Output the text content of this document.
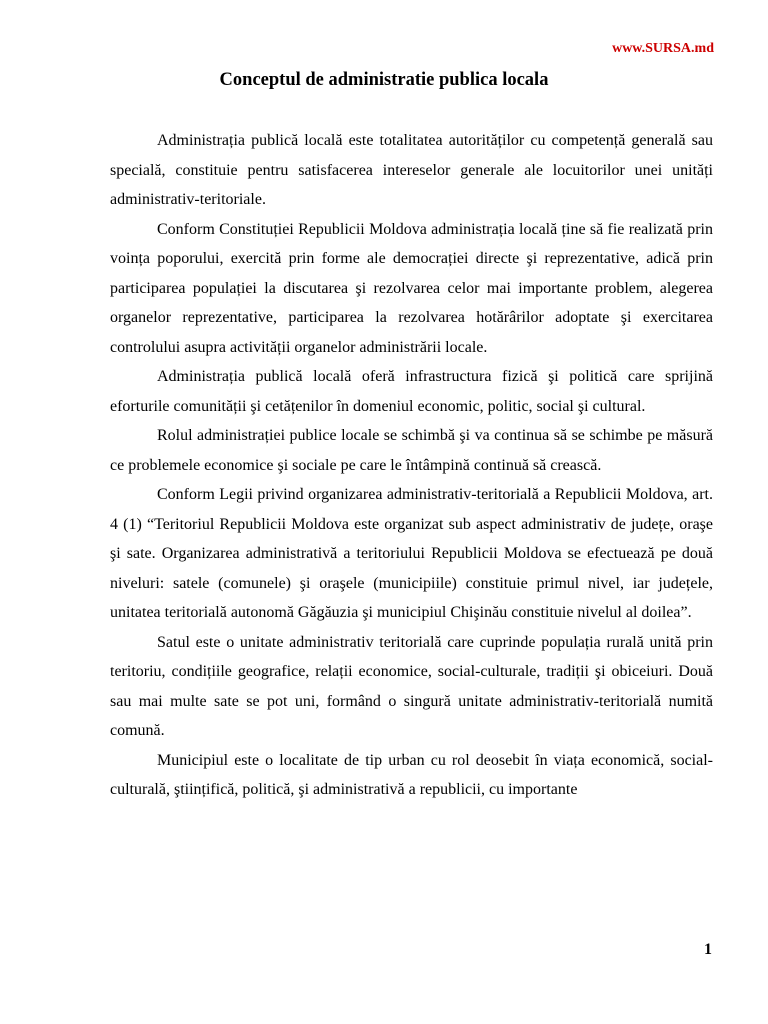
www.SURSA.md
Conceptul de administratie publica locala

Administrația publică locală este totalitatea autorităților cu competență generală sau specială, constituie pentru satisfacerea intereselor generale ale locuitorilor unei unități administrativ-teritoriale.

Conform Constituției Republicii Moldova administrația locală ține să fie realizată prin voința poporului, exercită prin forme ale democrației directe şi reprezentative, adică prin participarea populației la discutarea şi rezolvarea celor mai importante problem, alegerea organelor reprezentative, participarea la rezolvarea hotărârilor adoptate şi exercitarea controlului asupra activității organelor administrării locale.

Administrația publică locală oferă infrastructura fizică şi politică care sprijină eforturile comunității şi cetățenilor în domeniul economic, politic, social şi cultural.

Rolul administrației publice locale se schimbă şi va continua să se schimbe pe măsură ce problemele economice şi sociale pe care le întâmpină continuă să crească.

Conform Legii privind organizarea administrativ-teritorială a Republicii Moldova, art. 4 (1) “Teritoriul Republicii Moldova este organizat sub aspect administrativ de județe, oraşe şi sate. Organizarea administrativă a teritoriului Republicii Moldova se efectuează pe două niveluri: satele (comunele) şi oraşele (municipiile) constituie primul nivel, iar județele, unitatea teritorială autonomă Găgăuzia şi municipiul Chişinău constituie nivelul al doilea”.

Satul este o unitate administrativ teritorială care cuprinde populația rurală unită prin teritoriu, condițiile geografice, relații economice, social-culturale, tradiții şi obiceiuri. Două sau mai multe sate se pot uni, formând o singură unitate administrativ-teritorială numită comună.

Municipiul este o localitate de tip urban cu rol deosebit în viața economică, social-culturală, ştiințifică, politică, şi administrativă a republicii, cu importante

1
